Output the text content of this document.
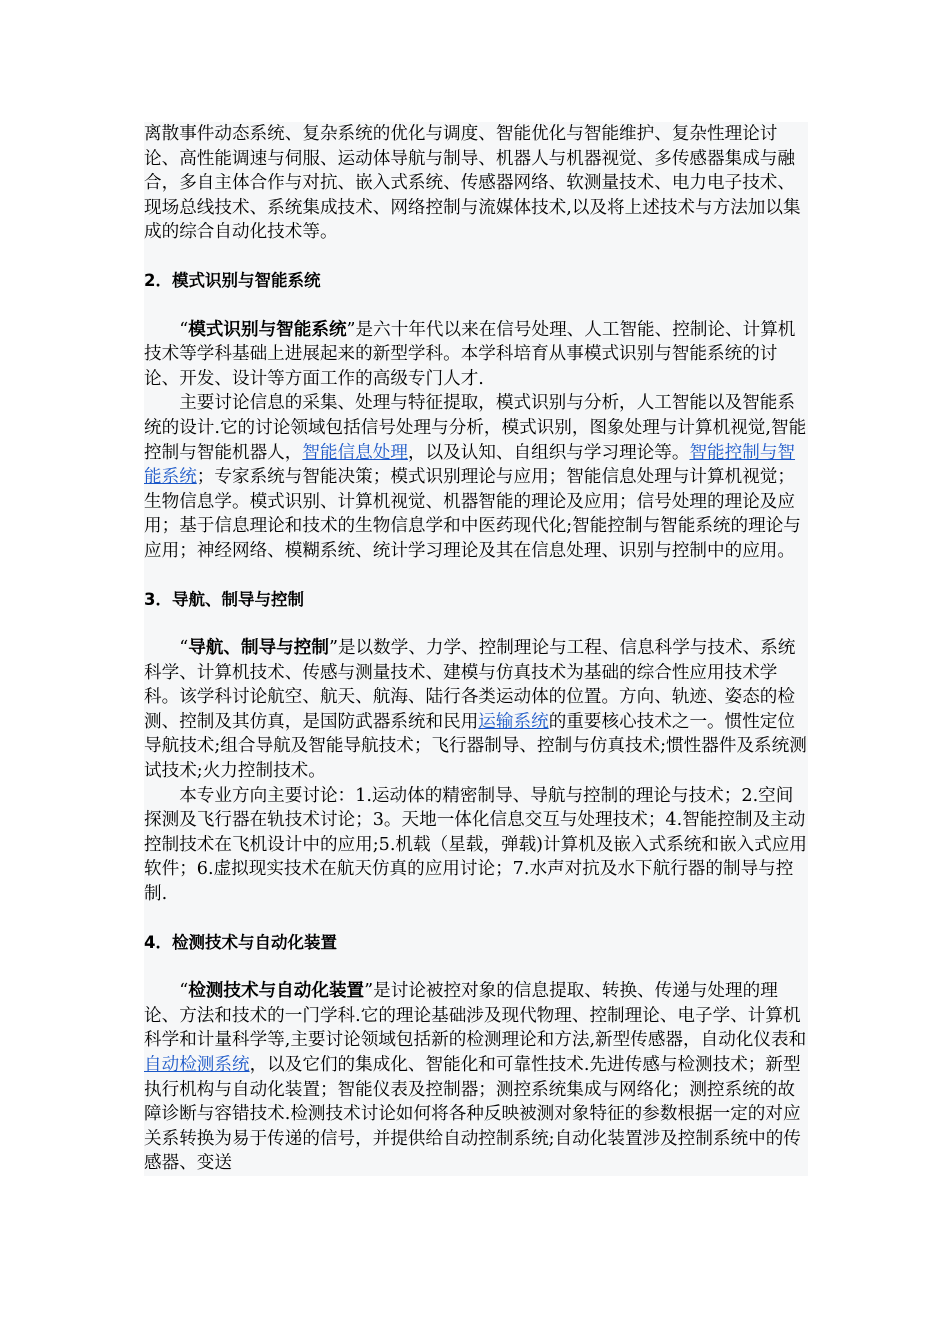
离散事件动态系统、复杂系统的优化与调度、智能优化与智能维护、复杂性理论讨论、高性能调速与伺服、运动体导航与制导、机器人与机器视觉、多传感器集成与融合，多自主体合作与对抗、嵌入式系统、传感器网络、软测量技术、电力电子技术、现场总线技术、系统集成技术、网络控制与流媒体技术,以及将上述技术与方法加以集成的综合自动化技术等。

2．模式识别与智能系统

“模式识别与智能系统”是六十年代以来在信号处理、人工智能、控制论、计算机技术等学科基础上进展起来的新型学科。本学科培育从事模式识别与智能系统的讨论、开发、设计等方面工作的高级专门人才.

主要讨论信息的采集、处理与特征提取，模式识别与分析，人工智能以及智能系统的设计.它的讨论领域包括信号处理与分析，模式识别，图象处理与计算机视觉,智能控制与智能机器人，智能信息处理，以及认知、自组织与学习理论等。智能控制与智能系统；专家系统与智能决策；模式识别理论与应用；智能信息处理与计算机视觉；生物信息学。模式识别、计算机视觉、机器智能的理论及应用；信号处理的理论及应用；基于信息理论和技术的生物信息学和中医药现代化;智能控制与智能系统的理论与应用；神经网络、模糊系统、统计学习理论及其在信息处理、识别与控制中的应用。

3．导航、制导与控制

“导航、制导与控制”是以数学、力学、控制理论与工程、信息科学与技术、系统科学、计算机技术、传感与测量技术、建模与仿真技术为基础的综合性应用技术学科。该学科讨论航空、航天、航海、陆行各类运动体的位置。方向、轨迹、姿态的检测、控制及其仿真，是国防武器系统和民用运输系统的重要核心技术之一。惯性定位导航技术;组合导航及智能导航技术；飞行器制导、控制与仿真技术;惯性器件及系统测试技术;火力控制技术。

本专业方向主要讨论：1.运动体的精密制导、导航与控制的理论与技术；2.空间探测及飞行器在轨技术讨论；3。天地一体化信息交互与处理技术；4.智能控制及主动控制技术在飞机设计中的应用;5.机载（星载，弹载)计算机及嵌入式系统和嵌入式应用软件；6.虚拟现实技术在航天仿真的应用讨论；7.水声对抗及水下航行器的制导与控制.

4．检测技术与自动化装置

“检测技术与自动化装置”是讨论被控对象的信息提取、转换、传递与处理的理论、方法和技术的一门学科.它的理论基础涉及现代物理、控制理论、电子学、计算机科学和计量科学等,主要讨论领域包括新的检测理论和方法,新型传感器，自动化仪表和自动检测系统，以及它们的集成化、智能化和可靠性技术.先进传感与检测技术；新型执行机构与自动化装置；智能仪表及控制器；测控系统集成与网络化；测控系统的故障诊断与容错技术.检测技术讨论如何将各种反映被测对象特征的参数根据一定的对应关系转换为易于传递的信号，并提供给自动控制系统;自动化装置涉及控制系统中的传感器、变送
